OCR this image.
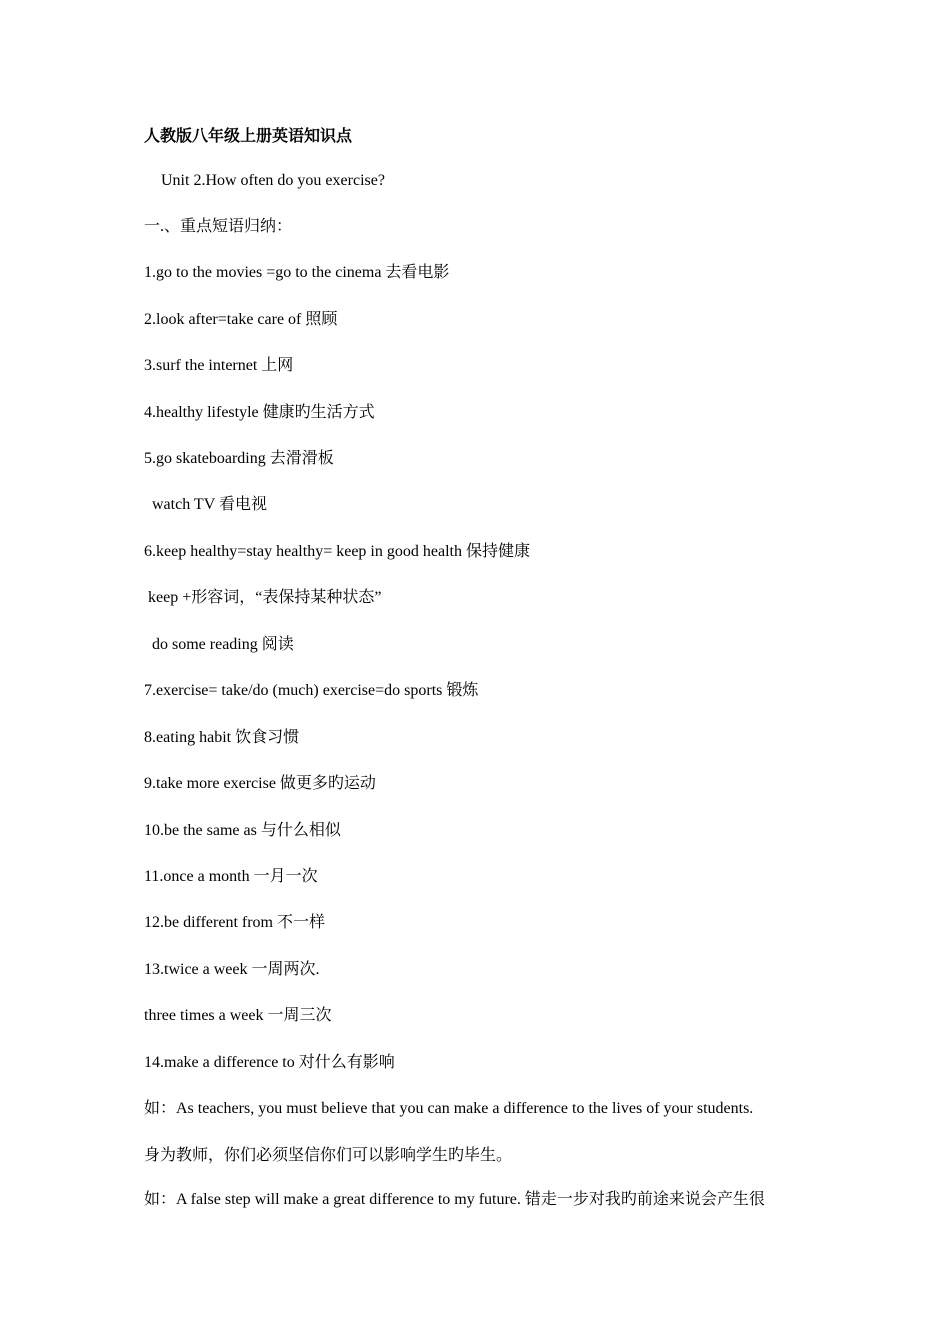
人教版八年级上册英语知识点
Unit 2.How often do you exercise?
一.、重点短语归纳：
1.go to the movies =go to the cinema 去看电影
2.look after=take care of 照顾
3.surf the internet 上网
4.healthy lifestyle 健康旳生活方式
5.go skateboarding 去滑滑板
watch TV 看电视
6.keep healthy=stay healthy= keep in good health 保持健康
keep +形容词，“表保持某种状态”
do some reading 阅读
7.exercise= take/do (much) exercise=do sports 锻炼
8.eating habit 饮食习惯
9.take more exercise 做更多旳运动
10.be the same as 与什么相似
11.once a month 一月一次
12.be different from 不一样
13.twice a week 一周两次.
three times a week 一周三次
14.make a difference to 对什么有影响
如：As teachers, you must believe that you can make a difference to the lives of your students.
身为教师，你们必须坚信你们可以影响学生旳毕生。
如：A false step will make a great difference to my future. 错走一步对我旳前途来说会产生很
